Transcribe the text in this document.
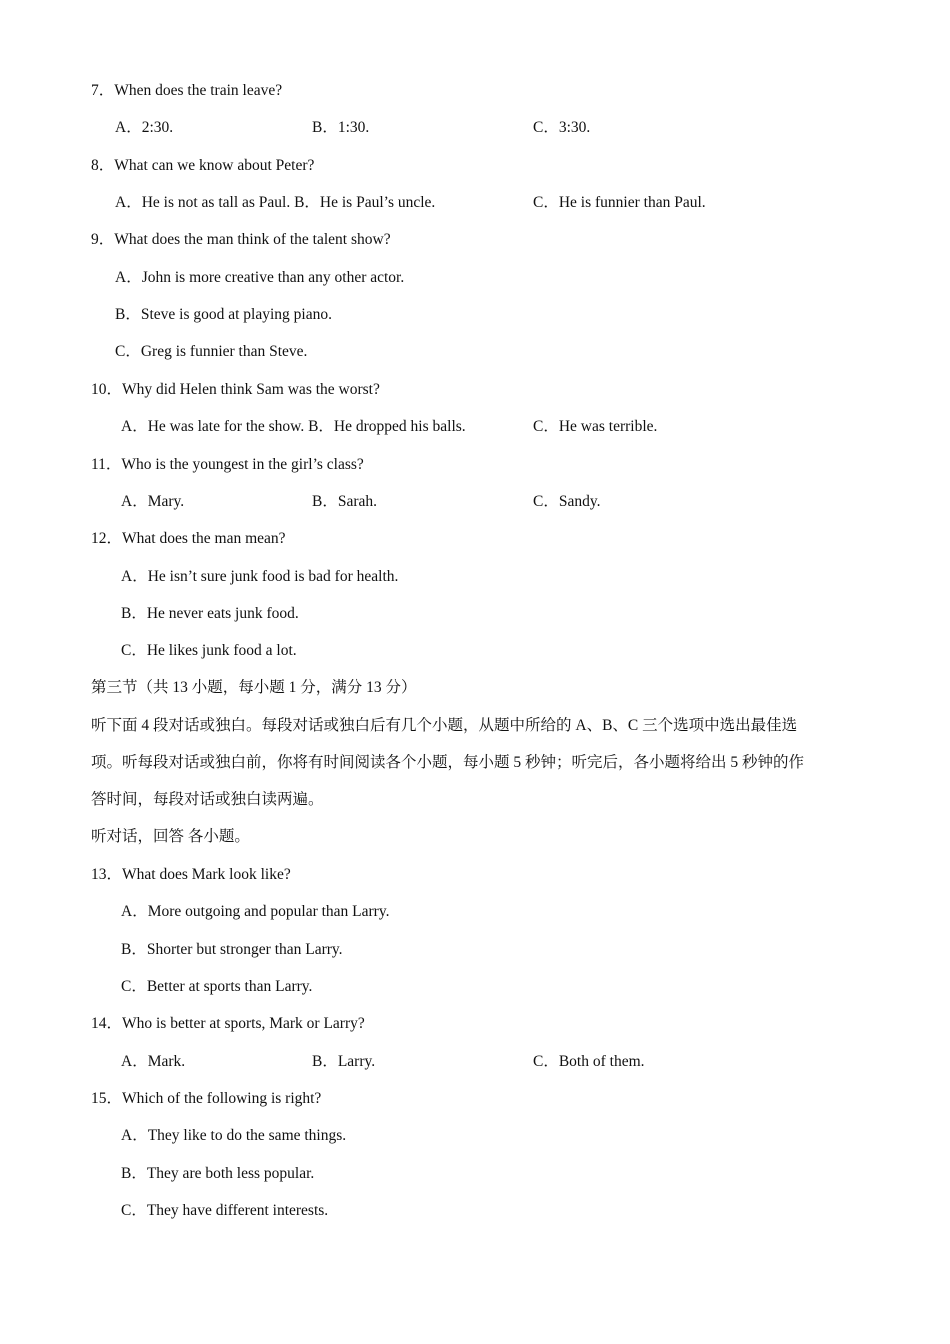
7．When does the train leave?
A．2:30.	B．1:30.	C．3:30.
8．What can we know about Peter?
A．He is not as tall as Paul. B．He is Paul’s uncle.	C．He is funnier than Paul.
9．What does the man think of the talent show?
A．John is more creative than any other actor.
B．Steve is good at playing piano.
C．Greg is funnier than Steve.
10．Why did Helen think Sam was the worst?
A．He was late for the show. B．He dropped his balls.	C．He was terrible.
11．Who is the youngest in the girl’s class?
A．Mary.	B．Sarah.	C．Sandy.
12．What does the man mean?
A．He isn’t sure junk food is bad for health.
B．He never eats junk food.
C．He likes junk food a lot.
第三节（共 13 小题，每小题 1 分，满分 13 分）
听下面 4 段对话或独白。每段对话或独白后有几个小题，从题中所给的 A、B、C 三个选项中选出最佳选
项。听每段对话或独白前，你将有时间阅读各个小题，每小题 5 秒钟；听完后，各小题将给出 5 秒钟的作
答时间，每段对话或独白读两遍。
听对话，回答 各小题。
13．What does Mark look like?
A．More outgoing and popular than Larry.
B．Shorter but stronger than Larry.
C．Better at sports than Larry.
14．Who is better at sports, Mark or Larry?
A．Mark.	B．Larry.	C．Both of them.
15．Which of the following is right?
A．They like to do the same things.
B．They are both less popular.
C．They have different interests.
